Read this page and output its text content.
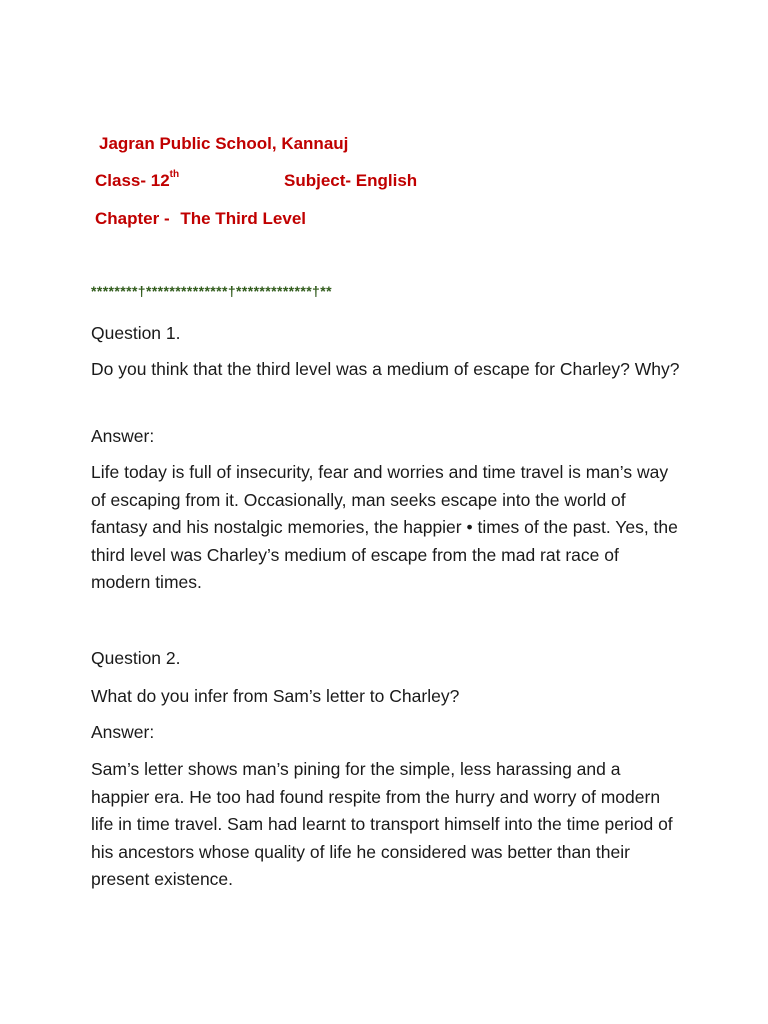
Jagran Public School, Kannauj
Class- 12th	Subject- English
Chapter - The Third Level
********†**************†*************†**

Question 1.

Do you think that the third level was a medium of escape for Charley? Why?

Answer:

Life today is full of insecurity, fear and worries and time travel is man’s way of escaping from it. Occasionally, man seeks escape into the world of fantasy and his nostalgic memories, the happier • times of the past. Yes, the third level was Charley’s medium of escape from the mad rat race of modern times.

Question 2.

What do you infer from Sam’s letter to Charley?

Answer:

Sam’s letter shows man’s pining for the simple, less harassing and a happier era. He too had found respite from the hurry and worry of modern life in time travel. Sam had learnt to transport himself into the time period of his ancestors whose quality of life he considered was better than their present existence.
